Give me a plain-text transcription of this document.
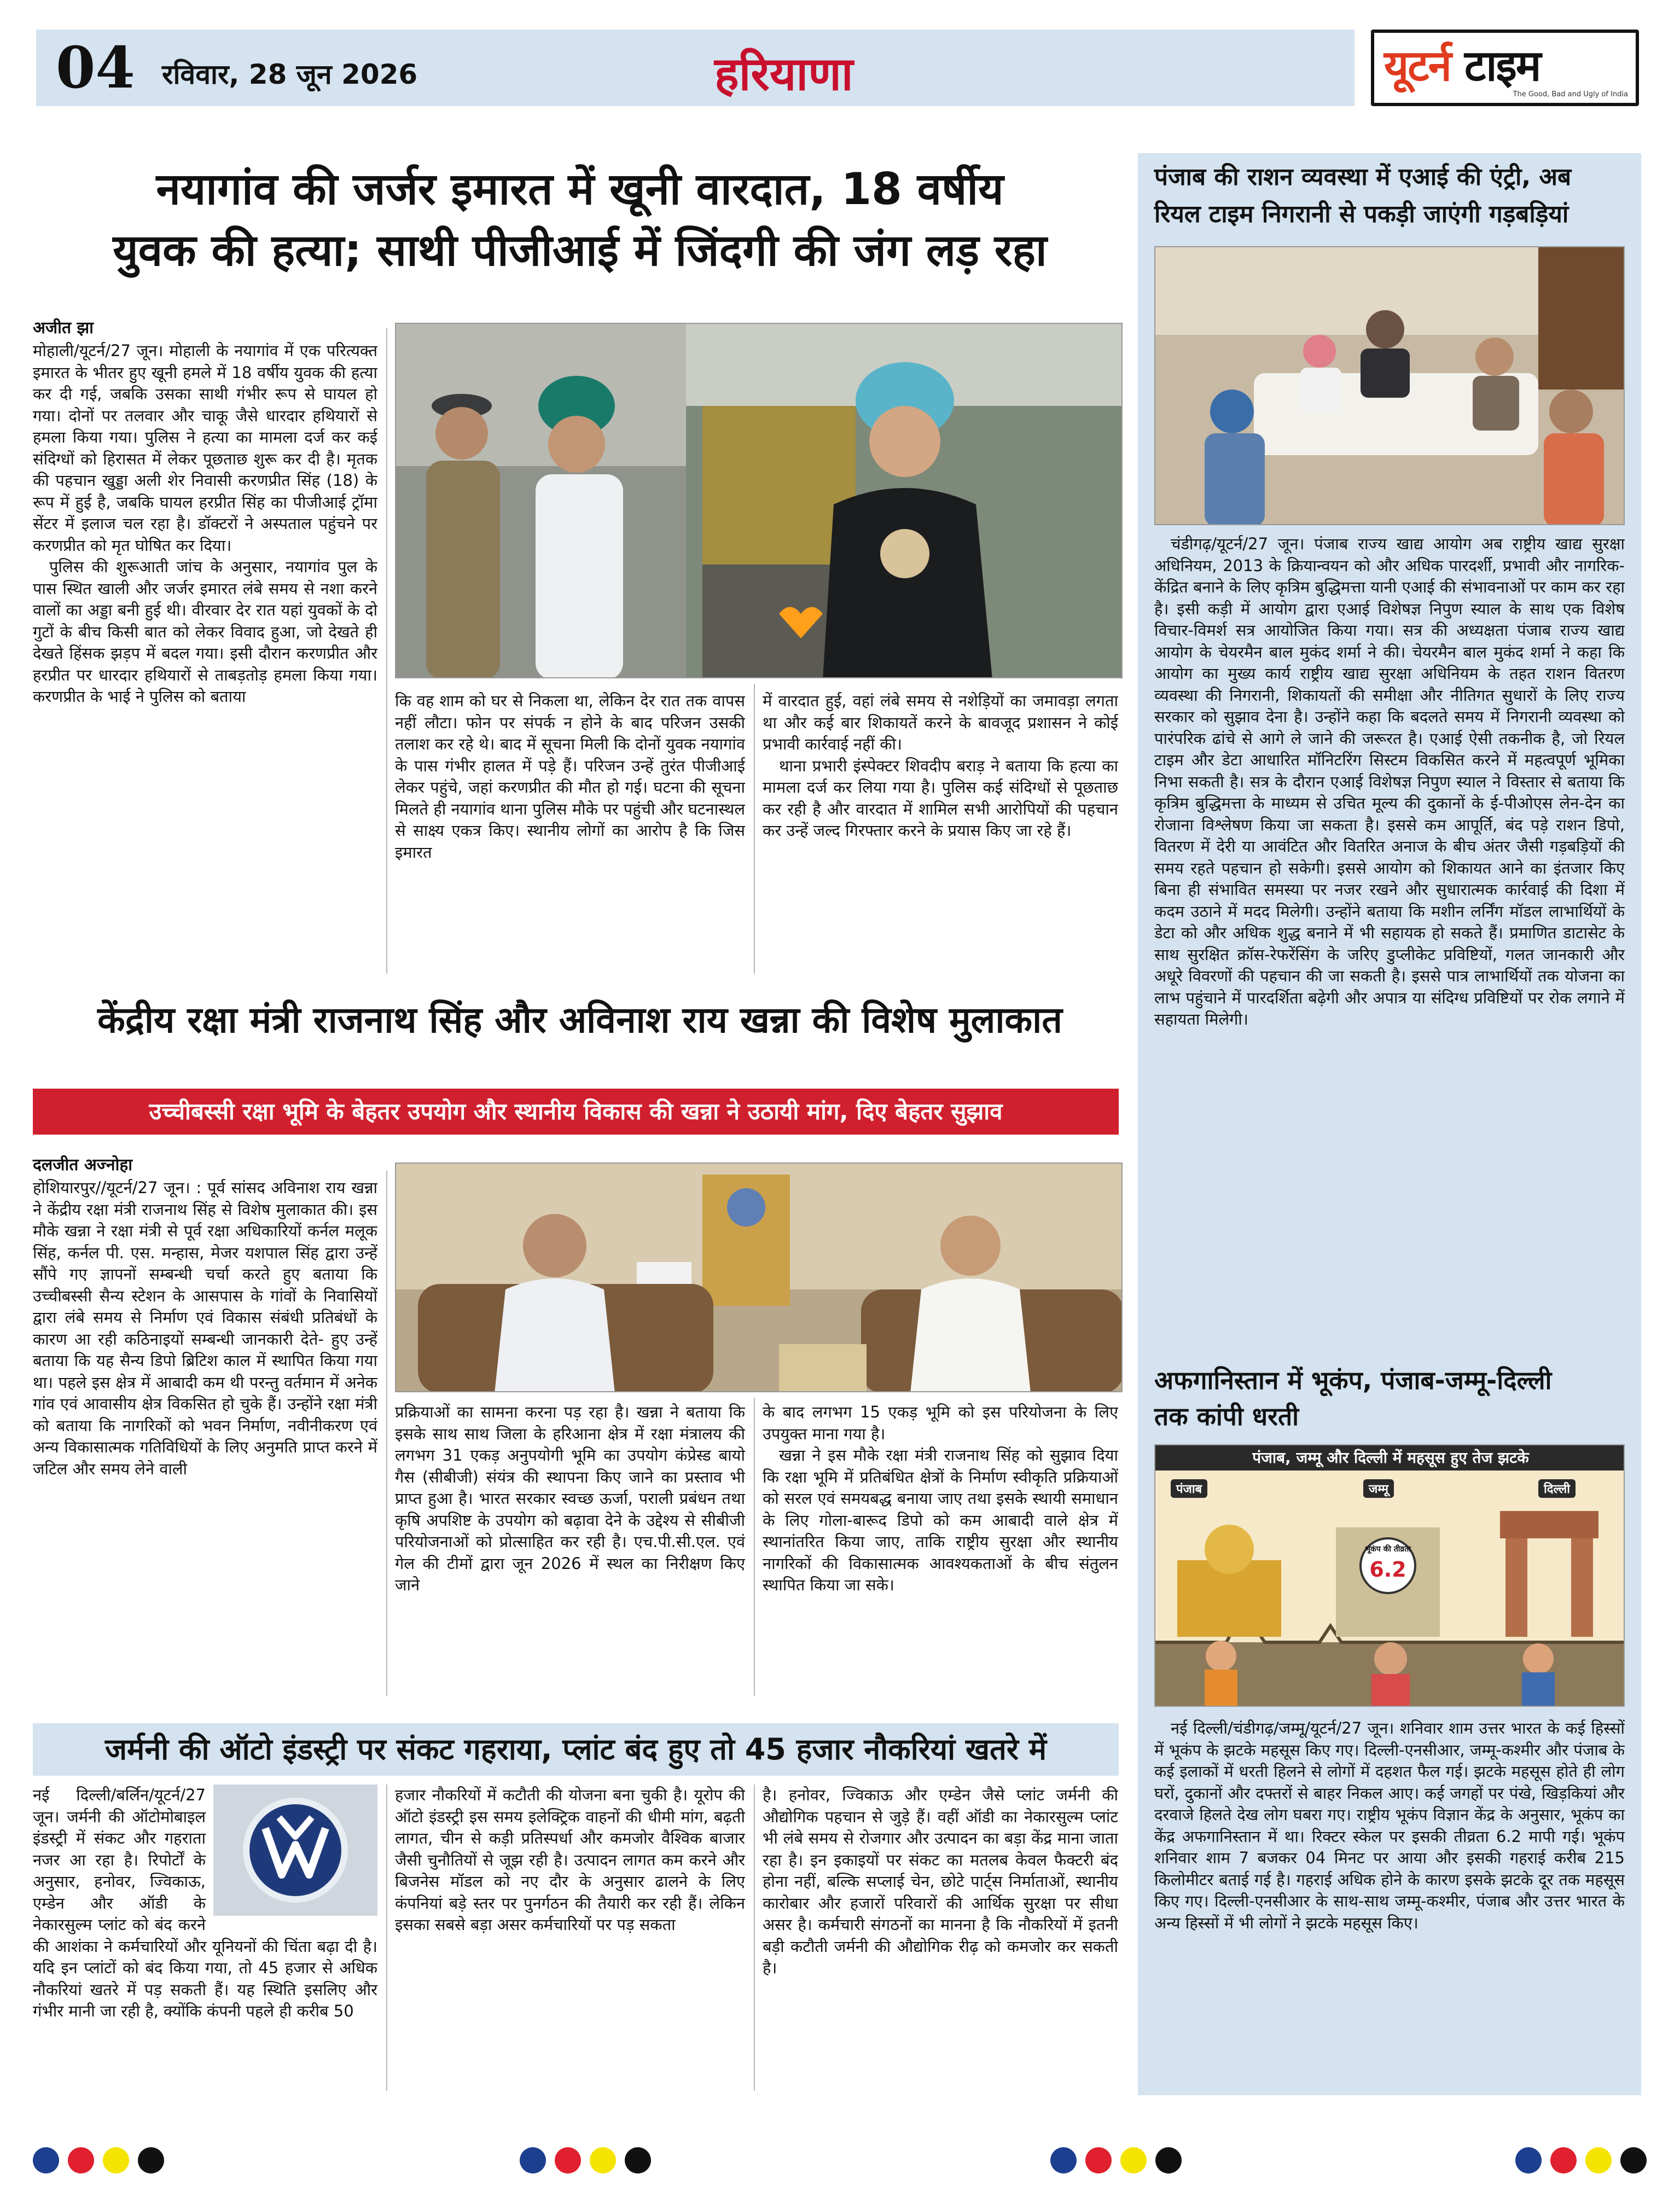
04 रविवार, 28 जून 2026	हरियाणा	यूटर्न टाइम
The Good, Bad and Ugly of India
नयागांव की जर्जर इमारत में खूनी वारदात, 18 वर्षीय
युवक की हत्या; साथी पीजीआई में जिंदगी की जंग लड़ रहा
अजीत झा

मोहाली/यूटर्न/27 जून। मोहाली के नयागांव में एक परित्यक्त इमारत के भीतर हुए खूनी हमले में 18 वर्षीय युवक की हत्या कर दी गई, जबकि उसका साथी गंभीर रूप से घायल हो गया। दोनों पर तलवार और चाकू जैसे धारदार हथियारों से हमला किया गया। पुलिस ने हत्या का मामला दर्ज कर कई संदिग्धों को हिरासत में लेकर पूछताछ शुरू कर दी है। मृतक की पहचान खुड्डा अली शेर निवासी करणप्रीत सिंह (18) के रूप में हुई है, जबकि घायल हरप्रीत सिंह का पीजीआई ट्रॉमा सेंटर में इलाज चल रहा है। डॉक्टरों ने अस्पताल पहुंचने पर करणप्रीत को मृत घोषित कर दिया।

पुलिस की शुरूआती जांच के अनुसार, नयागांव पुल के पास स्थित खाली और जर्जर इमारत लंबे समय से नशा करने वालों का अड्डा बनी हुई थी। वीरवार देर रात यहां युवकों के दो गुटों के बीच किसी बात को लेकर विवाद हुआ, जो देखते ही देखते हिंसक झड़प में बदल गया। इसी दौरान करणप्रीत और हरप्रीत पर धारदार हथियारों से ताबड़तोड़ हमला किया गया। करणप्रीत के भाई ने पुलिस को बताया	कि वह शाम को घर से निकला था, लेकिन देर रात तक वापस नहीं लौटा। फोन पर संपर्क न होने के बाद परिजन उसकी तलाश कर रहे थे। बाद में सूचना मिली कि दोनों युवक नयागांव के पास गंभीर हालत में पड़े हैं। परिजन उन्हें तुरंत पीजीआई लेकर पहुंचे, जहां करणप्रीत की मौत हो गई। घटना की सूचना मिलते ही नयागांव थाना पुलिस मौके पर पहुंची और घटनास्थल से साक्ष्य एकत्र किए। स्थानीय लोगों का आरोप है कि जिस इमारत

में वारदात हुई, वहां लंबे समय से नशेड़ियों का जमावड़ा लगता था और कई बार शिकायतें करने के बावजूद प्रशासन ने कोई प्रभावी कार्रवाई नहीं की।

थाना प्रभारी इंस्पेक्टर शिवदीप बराड़ ने बताया कि हत्या का मामला दर्ज कर लिया गया है। पुलिस कई संदिग्धों से पूछताछ कर रही है और वारदात में शामिल सभी आरोपियों की पहचान कर उन्हें जल्द गिरफ्तार करने के प्रयास किए जा रहे हैं।

केंद्रीय रक्षा मंत्री राजनाथ सिंह और अविनाश राय खन्ना की विशेष मुलाकात
उच्चीबस्सी रक्षा भूमि के बेहतर उपयोग और स्थानीय विकास की खन्ना ने उठायी मांग, दिए बेहतर सुझाव
दलजीत अज्नोहा

होशियारपुर//यूटर्न/27 जून। : पूर्व सांसद अविनाश राय खन्ना ने केंद्रीय रक्षा मंत्री राजनाथ सिंह से विशेष मुलाकात की। इस मौके खन्ना ने रक्षा मंत्री से पूर्व रक्षा अधिकारियों कर्नल मलूक सिंह, कर्नल पी. एस. मन्हास, मेजर यशपाल सिंह द्वारा उन्हें सौंपे गए ज्ञापनों सम्बन्धी चर्चा करते हुए बताया कि उच्चीबस्सी सैन्य स्टेशन के आसपास के गांवों के निवासियों द्वारा लंबे समय से निर्माण एवं विकास संबंधी प्रतिबंधों के कारण आ रही कठिनाइयों सम्बन्धी जानकारी देते- हुए उन्हें बताया कि यह सैन्य डिपो ब्रिटिश काल में स्थापित किया गया था। पहले इस क्षेत्र में आबादी कम थी परन्तु वर्तमान में अनेक गांव एवं आवासीय क्षेत्र विकसित हो चुके हैं। उन्होंने रक्षा मंत्री को बताया कि नागरिकों को भवन निर्माण, नवीनीकरण एवं अन्य विकासात्मक गतिविधियों के लिए अनुमति प्राप्त करने में जटिल और समय लेने वाली

प्रक्रियाओं का सामना करना पड़ रहा है। खन्ना ने बताया कि इसके साथ साथ जिला के हरिआना क्षेत्र में रक्षा मंत्रालय की लगभग 31 एकड़ अनुपयोगी भूमि का उपयोग कंप्रेस्ड बायो गैस (सीबीजी) संयंत्र की स्थापना किए जाने का प्रस्ताव भी प्राप्त हुआ है। भारत सरकार स्वच्छ ऊर्जा, पराली प्रबंधन तथा कृषि अपशिष्ट के उपयोग को बढ़ावा देने के उद्देश्य से सीबीजी परियोजनाओं को प्रोत्साहित कर रही है। एच.पी.सी.एल. एवं गेल की टीमों द्वारा जून 2026 में स्थल का निरीक्षण किए जाने

के बाद लगभग 15 एकड़ भूमि को इस परियोजना के लिए उपयुक्त माना गया है।

खन्ना ने इस मौके रक्षा मंत्री राजनाथ सिंह को सुझाव दिया कि रक्षा भूमि में प्रतिबंधित क्षेत्रों के निर्माण स्वीकृति प्रक्रियाओं को सरल एवं समयबद्ध बनाया जाए तथा इसके स्थायी समाधान के लिए गोला-बारूद डिपो को कम आबादी वाले क्षेत्र में स्थानांतरित किया जाए, ताकि राष्ट्रीय सुरक्षा और स्थानीय नागरिकों की विकासात्मक आवश्यकताओं के बीच संतुलन स्थापित किया जा सके।

जर्मनी की ऑटो इंडस्ट्री पर संकट गहराया, प्लांट बंद हुए तो 45 हजार नौकरियां खतरे में

नई दिल्ली/बर्लिन/यूटर्न/27 जून। जर्मनी की ऑटोमोबाइल इंडस्ट्री में संकट और गहराता नजर आ रहा है। रिपोर्टों के अनुसार, हनोवर, ज्विकाऊ, एम्डेन और ऑडी के नेकारसुल्म प्लांट को बंद करने की आशंका ने कर्मचारियों और यूनियनों की चिंता बढ़ा दी है। यदि इन प्लांटों को बंद किया गया, तो 45 हजार से अधिक नौकरियां खतरे में पड़ सकती हैं। यह स्थिति इसलिए और गंभीर मानी जा रही है, क्योंकि कंपनी पहले ही करीब 50

हजार नौकरियों में कटौती की योजना बना चुकी है। यूरोप की ऑटो इंडस्ट्री इस समय इलेक्ट्रिक वाहनों की धीमी मांग, बढ़ती लागत, चीन से कड़ी प्रतिस्पर्धा और कमजोर वैश्विक बाजार जैसी चुनौतियों से जूझ रही है। उत्पादन लागत कम करने और बिजनेस मॉडल को नए दौर के अनुसार ढालने के लिए कंपनियां बड़े स्तर पर पुनर्गठन की तैयारी कर रही हैं। लेकिन इसका सबसे बड़ा असर कर्मचारियों पर पड़ सकता

है। हनोवर, ज्विकाऊ और एम्डेन जैसे प्लांट जर्मनी की औद्योगिक पहचान से जुड़े हैं। वहीं ऑडी का नेकारसुल्म प्लांट भी लंबे समय से रोजगार और उत्पादन का बड़ा केंद्र माना जाता रहा है। इन इकाइयों पर संकट का मतलब केवल फैक्टरी बंद होना नहीं, बल्कि सप्लाई चेन, छोटे पार्ट्स निर्माताओं, स्थानीय कारोबार और हजारों परिवारों की आर्थिक सुरक्षा पर सीधा असर है। कर्मचारी संगठनों का मानना है कि नौकरियों में इतनी बड़ी कटौती जर्मनी की औद्योगिक रीढ़ को कमजोर कर सकती है।

पंजाब की राशन व्यवस्था में एआई की एंट्री, अब
रियल टाइम निगरानी से पकड़ी जाएंगी गड़बड़ियां

चंडीगढ़/यूटर्न/27 जून। पंजाब राज्य खाद्य आयोग अब राष्ट्रीय खाद्य सुरक्षा अधिनियम, 2013 के क्रियान्वयन को और अधिक पारदर्शी, प्रभावी और नागरिक-केंद्रित बनाने के लिए कृत्रिम बुद्धिमत्ता यानी एआई की संभावनाओं पर काम कर रहा है। इसी कड़ी में आयोग द्वारा एआई विशेषज्ञ निपुण स्याल के साथ एक विशेष विचार-विमर्श सत्र आयोजित किया गया। सत्र की अध्यक्षता पंजाब राज्य खाद्य आयोग के चेयरमैन बाल मुकंद शर्मा ने की। चेयरमैन बाल मुकंद शर्मा ने कहा कि आयोग का मुख्य कार्य राष्ट्रीय खाद्य सुरक्षा अधिनियम के तहत राशन वितरण व्यवस्था की निगरानी, शिकायतों की समीक्षा और नीतिगत सुधारों के लिए राज्य सरकार को सुझाव देना है। उन्होंने कहा कि बदलते समय में निगरानी व्यवस्था को पारंपरिक ढांचे से आगे ले जाने की जरूरत है। एआई ऐसी तकनीक है, जो रियल टाइम और डेटा आधारित मॉनिटरिंग सिस्टम विकसित करने में महत्वपूर्ण भूमिका निभा सकती है। सत्र के दौरान एआई विशेषज्ञ निपुण स्याल ने विस्तार से बताया कि कृत्रिम बुद्धिमत्ता के माध्यम से उचित मूल्य की दुकानों के ई-पीओएस लेन-देन का रोजाना विश्लेषण किया जा सकता है। इससे कम आपूर्ति, बंद पड़े राशन डिपो, वितरण में देरी या आवंटित और वितरित अनाज के बीच अंतर जैसी गड़बड़ियों की समय रहते पहचान हो सकेगी। इससे आयोग को शिकायत आने का इंतजार किए बिना ही संभावित समस्या पर नजर रखने और सुधारात्मक कार्रवाई की दिशा में कदम उठाने में मदद मिलेगी। उन्होंने बताया कि मशीन लर्निंग मॉडल लाभार्थियों के डेटा को और अधिक शुद्ध बनाने में भी सहायक हो सकते हैं। प्रमाणित डाटासेट के साथ सुरक्षित क्रॉस-रेफरेंसिंग के जरिए डुप्लीकेट प्रविष्टियों, गलत जानकारी और अधूरे विवरणों की पहचान की जा सकती है। इससे पात्र लाभार्थियों तक योजना का लाभ पहुंचाने में पारदर्शिता बढ़ेगी और अपात्र या संदिग्ध प्रविष्टियों पर रोक लगाने में सहायता मिलेगी।

अफगानिस्तान में भूकंप, पंजाब-जम्मू-दिल्ली
तक कांपी धरती
पंजाब, जम्मू और दिल्ली में महसूस हुए तेज झटके
पंजाब	जम्मू	दिल्ली
भूकंप की तीव्रता
6.2

नई दिल्ली/चंडीगढ़/जम्मू/यूटर्न/27 जून। शनिवार शाम उत्तर भारत के कई हिस्सों में भूकंप के झटके महसूस किए गए। दिल्ली-एनसीआर, जम्मू-कश्मीर और पंजाब के कई इलाकों में धरती हिलने से लोगों में दहशत फैल गई। झटके महसूस होते ही लोग घरों, दुकानों और दफ्तरों से बाहर निकल आए। कई जगहों पर पंखे, खिड़कियां और दरवाजे हिलते देख लोग घबरा गए। राष्ट्रीय भूकंप विज्ञान केंद्र के अनुसार, भूकंप का केंद्र अफगानिस्तान में था। रिक्टर स्केल पर इसकी तीव्रता 6.2 मापी गई। भूकंप शनिवार शाम 7 बजकर 04 मिनट पर आया और इसकी गहराई करीब 215 किलोमीटर बताई गई है। गहराई अधिक होने के कारण इसके झटके दूर तक महसूस किए गए। दिल्ली-एनसीआर के साथ-साथ जम्मू-कश्मीर, पंजाब और उत्तर भारत के अन्य हिस्सों में भी लोगों ने झटके महसूस किए।
